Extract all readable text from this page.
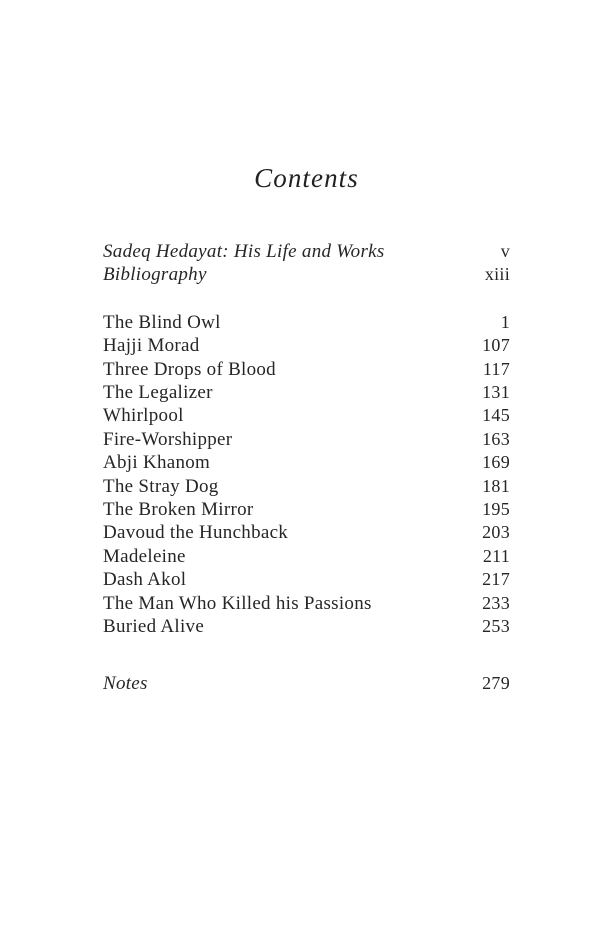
Contents
Sadeq Hedayat: His Life and Works	v
Bibliography	xiii
The Blind Owl	1
Hajji Morad	107
Three Drops of Blood	117
The Legalizer	131
Whirlpool	145
Fire-Worshipper	163
Abji Khanom	169
The Stray Dog	181
The Broken Mirror	195
Davoud the Hunchback	203
Madeleine	211
Dash Akol	217
The Man Who Killed his Passions	233
Buried Alive	253
Notes	279
